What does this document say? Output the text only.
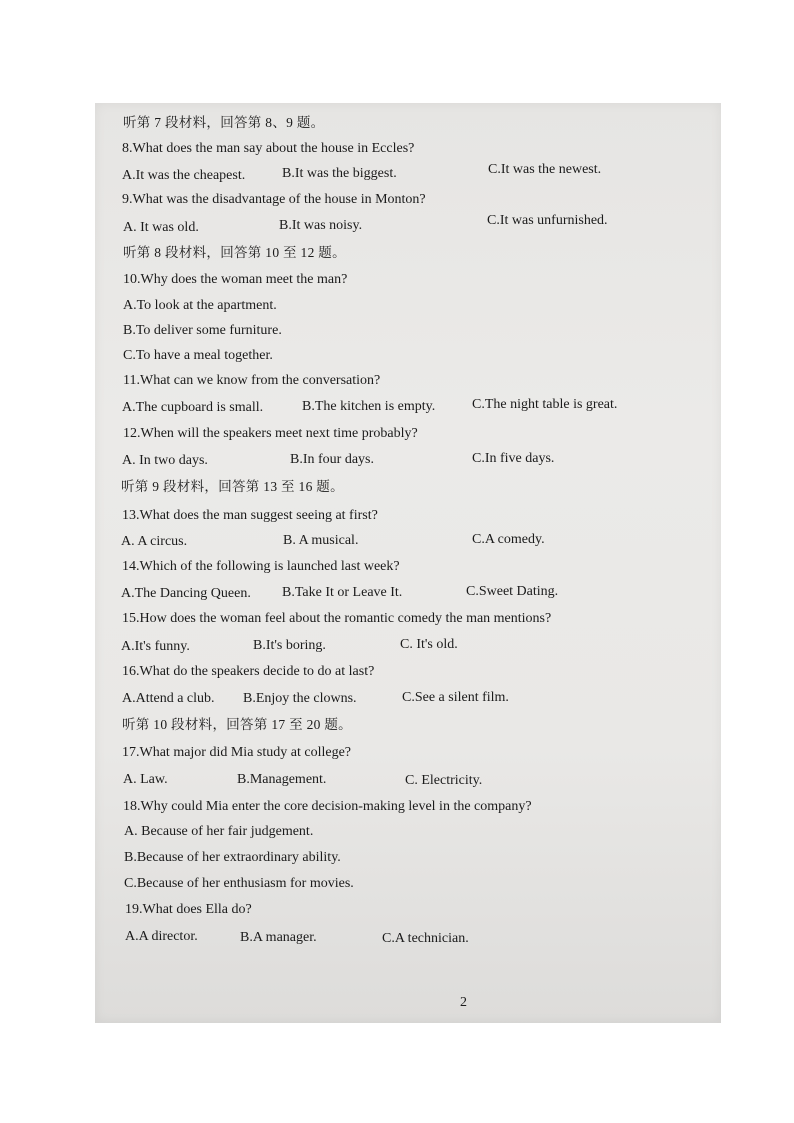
听第 7 段材料，回答第 8、9 题。
8.What does the man say about the house in Eccles?
A.It was the cheapest.	B.It was the biggest.	C.It was the newest.
9.What was the disadvantage of the house in Monton?
A. It was old.	B.It was noisy.	C.It was unfurnished.
听第 8 段材料，回答第 10 至 12 题。
10.Why does the woman meet the man?
A.To look at the apartment.
B.To deliver some furniture.
C.To have a meal together.
11.What can we know from the conversation?
A.The cupboard is small.	B.The kitchen is empty.	C.The night table is great.
12.When will the speakers meet next time probably?
A. In two days.	B.In four days.	C.In five days.
听第 9 段材料，回答第 13 至 16 题。
13.What does the man suggest seeing at first?
A. A circus.	B. A musical.	C.A comedy.
14.Which of the following is launched last week?
A.The Dancing Queen. B.Take It or Leave It.	C.Sweet Dating.
15.How does the woman feel about the romantic comedy the man mentions?
A.It's funny.	B.It's boring.	C. It's old.
16.What do the speakers decide to do at last?
A.Attend a club. B.Enjoy the clowns.	C.See a silent film.
听第 10 段材料，回答第 17 至 20 题。
17.What major did Mia study at college?
A. Law.	B.Management.	C. Electricity.
18.Why could Mia enter the core decision-making level in the company?
A. Because of her fair judgement.
B.Because of her extraordinary ability.
C.Because of her enthusiasm for movies.
19.What does Ella do?
A.A director.	B.A manager.	C.A technician.
2
